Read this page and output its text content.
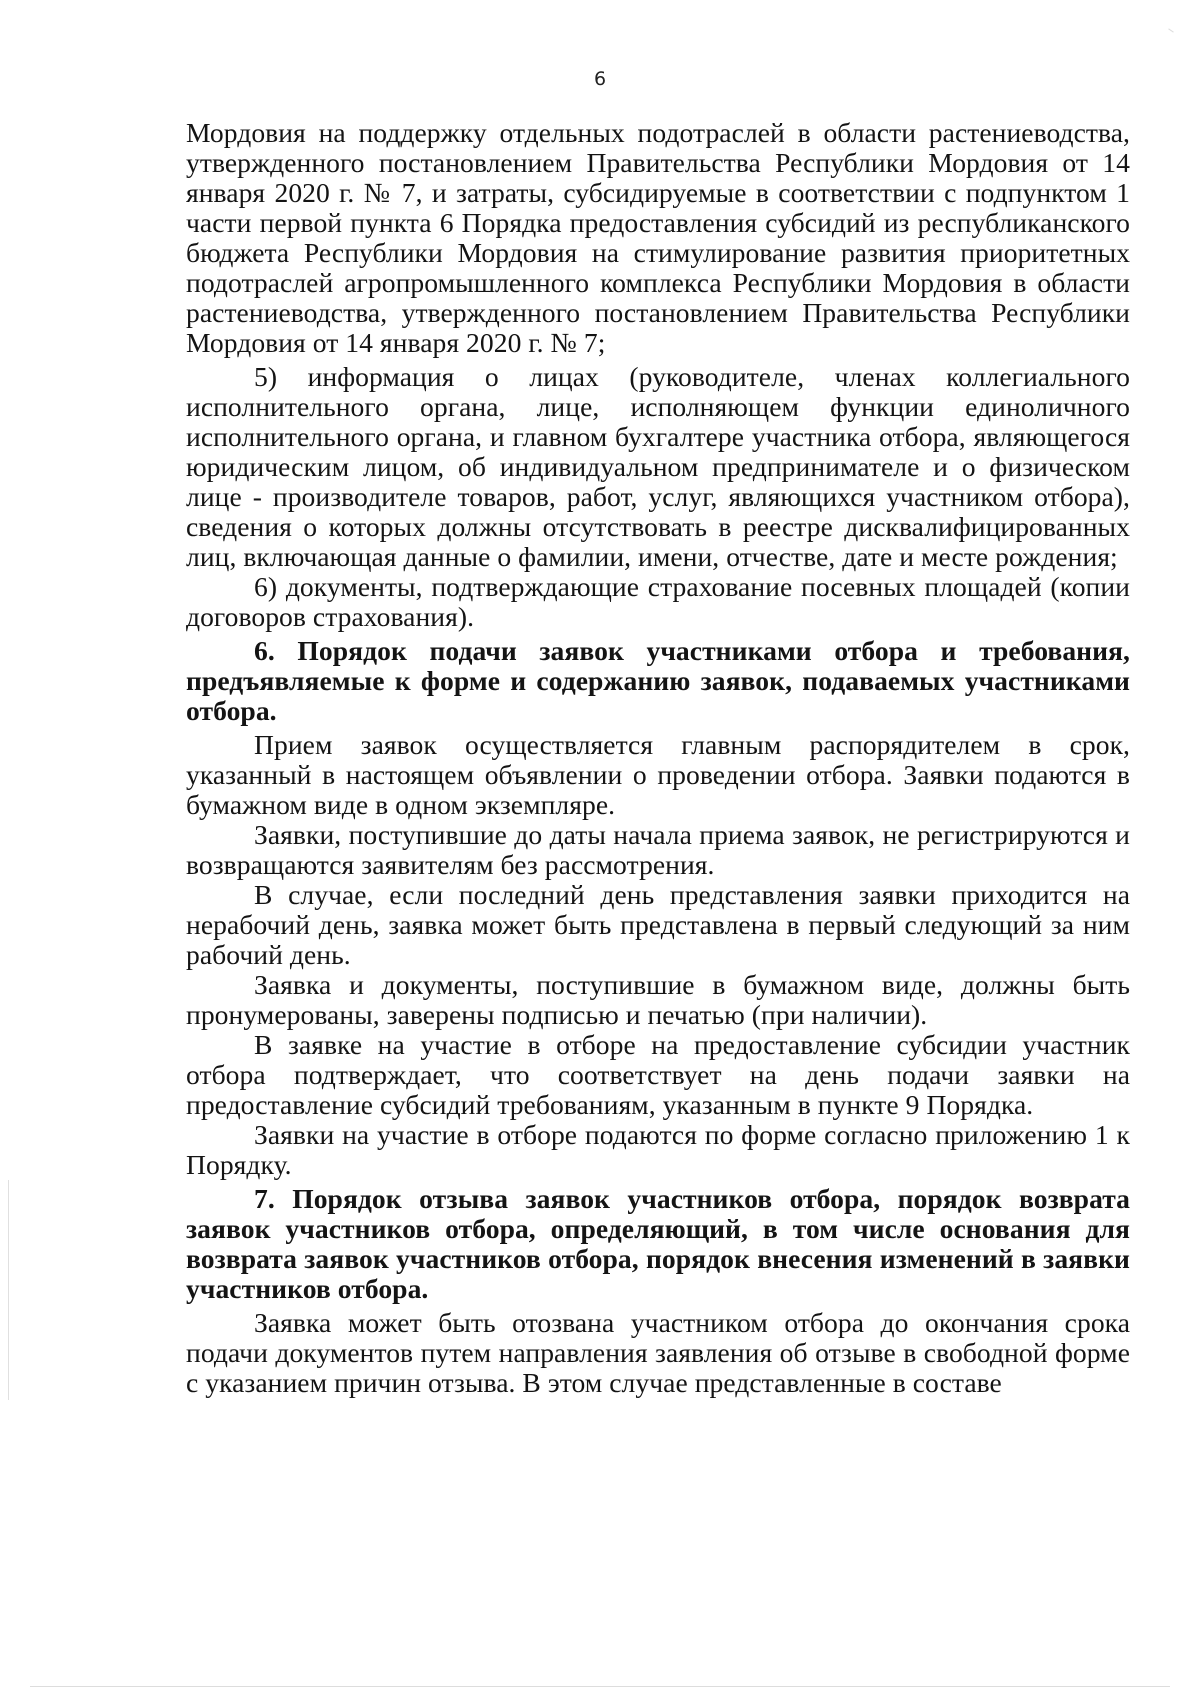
6

Мордовия на поддержку отдельных подотраслей в области растениеводства, утвержденного постановлением Правительства Республики Мордовия от 14 января 2020 г. № 7, и затраты, субсидируемые в соответствии с подпунктом 1 части первой пункта 6 Порядка предоставления субсидий из республиканского бюджета Республики Мордовия на стимулирование развития приоритетных подотраслей агропромышленного комплекса Республики Мордовия в области растениеводства, утвержденного постановлением Правительства Республики Мордовия от 14 января 2020 г. № 7;

5) информация о лицах (руководителе, членах коллегиального исполнительного органа, лице, исполняющем функции единоличного исполнительного органа, и главном бухгалтере участника отбора, являющегося юридическим лицом, об индивидуальном предпринимателе и о физическом лице - производителе товаров, работ, услуг, являющихся участником отбора), сведения о которых должны отсутствовать в реестре дисквалифицированных лиц, включающая данные о фамилии, имени, отчестве, дате и месте рождения;

6) документы, подтверждающие страхование посевных площадей (копии договоров страхования).

6. Порядок подачи заявок участниками отбора и требования, предъявляемые к форме и содержанию заявок, подаваемых участниками отбора.

Прием заявок осуществляется главным распорядителем в срок, указанный в настоящем объявлении о проведении отбора. Заявки подаются в бумажном виде в одном экземпляре.

Заявки, поступившие до даты начала приема заявок, не регистрируются и возвращаются заявителям без рассмотрения.

В случае, если последний день представления заявки приходится на нерабочий день, заявка может быть представлена в первый следующий за ним рабочий день.

Заявка и документы, поступившие в бумажном виде, должны быть пронумерованы, заверены подписью и печатью (при наличии).

В заявке на участие в отборе на предоставление субсидии участник отбора подтверждает, что соответствует на день подачи заявки на предоставление субсидий требованиям, указанным в пункте 9 Порядка.

Заявки на участие в отборе подаются по форме согласно приложению 1 к Порядку.

7. Порядок отзыва заявок участников отбора, порядок возврата заявок участников отбора, определяющий, в том числе основания для возврата заявок участников отбора, порядок внесения изменений в заявки участников отбора.

Заявка может быть отозвана участником отбора до окончания срока подачи документов путем направления заявления об отзыве в свободной форме с указанием причин отзыва. В этом случае представленные в составе
